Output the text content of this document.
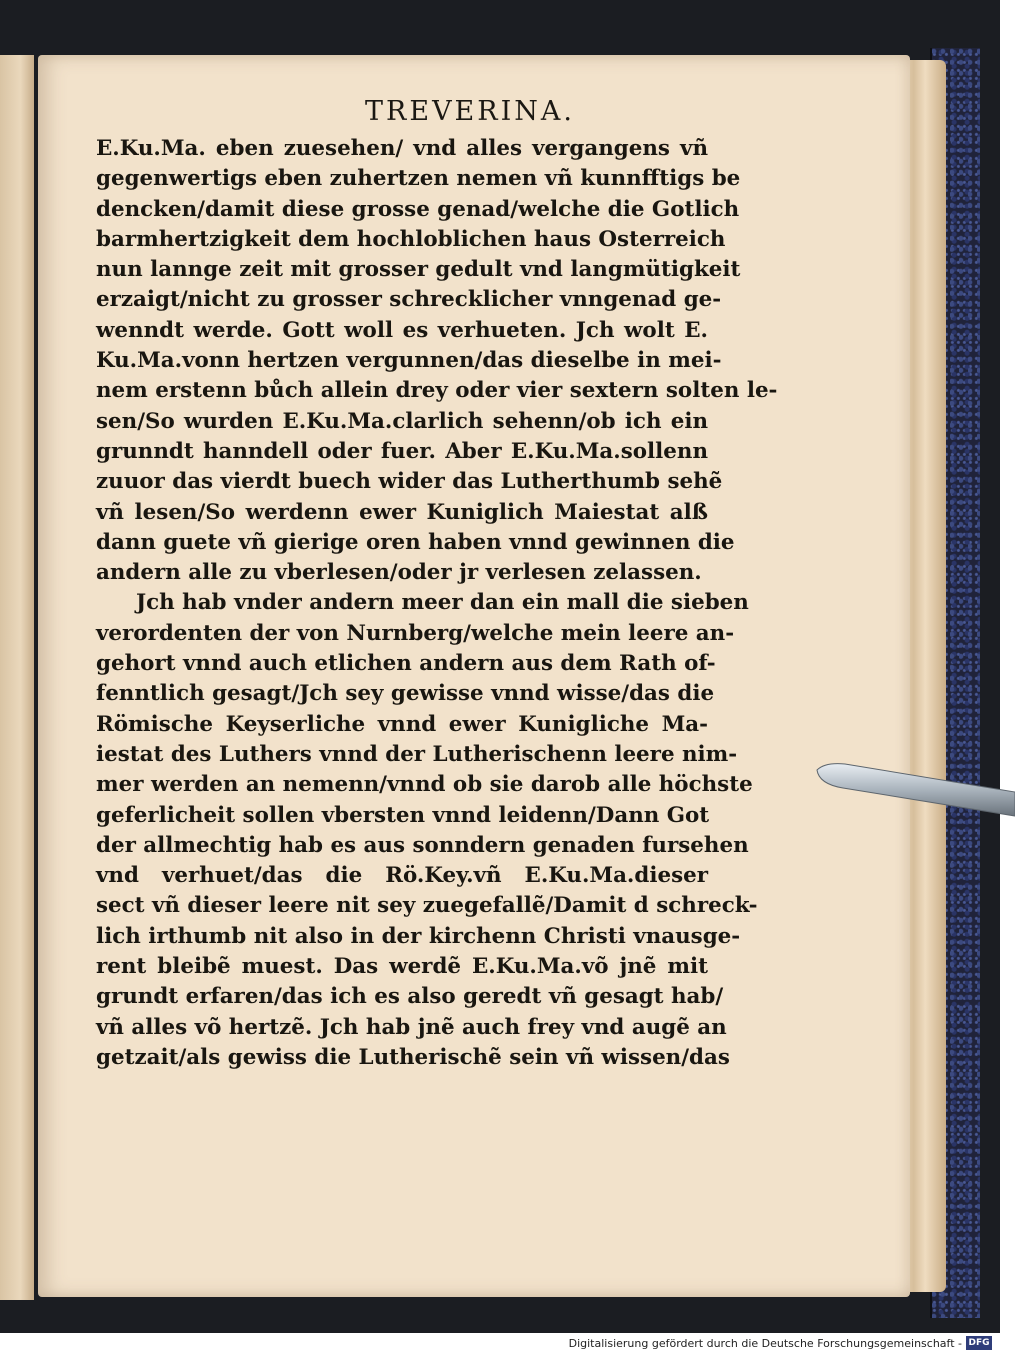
TREVERINA.
E.Ku.Ma. eben zuesehen/ vnd alles vergangens vñ
gegenwertigs eben zuhertzen nemen vñ kunnfftigs be
dencken/damit diese grosse genad/welche die Gotlich
barmhertzigkeit dem hochloblichen haus Osterreich
nun lannge zeit mit grosser gedult vnd langmütigkeit
erzaigt/nicht zu grosser schrecklicher vnngenad ge-
wenndt werde. Gott woll es verhueten. Jch wolt E.
Ku.Ma.vonn hertzen vergunnen/das dieselbe in mei-
nem erstenn bůch allein drey oder vier sextern solten le-
sen/So wurden E.Ku.Ma.clarlich sehenn/ob ich ein
grunndt hanndell oder fuer. Aber E.Ku.Ma.sollenn
zuuor das vierdt buech wider das Lutherthumb sehẽ
vñ lesen/So werdenn ewer Kuniglich Maiestat alß
dann guete vñ gierige oren haben vnnd gewinnen die
andern alle zu vberlesen/oder jr verlesen zelassen.
Jch hab vnder andern meer dan ein mall die sieben
verordenten der von Nurnberg/welche mein leere an-
gehort vnnd auch etlichen andern aus dem Rath of-
fenntlich gesagt/Jch sey gewisse vnnd wisse/das die
Römische Keyserliche vnnd ewer Kunigliche Ma-
iestat des Luthers vnnd der Lutherischenn leere nim-
mer werden an nemenn/vnnd ob sie darob alle höchste
geferlicheit sollen vbersten vnnd leidenn/Dann Got
der allmechtig hab es aus sonndern genaden fursehen
vnd verhuet/das die Rö.Key.vñ E.Ku.Ma.dieser
sect vñ dieser leere nit sey zuegefallẽ/Damit d schreck-
lich irthumb nit also in der kirchenn Christi vnausge-
rent bleibẽ muest. Das werdẽ E.Ku.Ma.võ jnẽ mit
grundt erfaren/das ich es also geredt vñ gesagt hab/
vñ alles võ hertzẽ. Jch hab jnẽ auch frey vnd augẽ an
getzait/als gewiss die Lutherischẽ sein vñ wissen/das
Digitalisierung gefördert durch die Deutsche Forschungsgemeinschaft - DFG
